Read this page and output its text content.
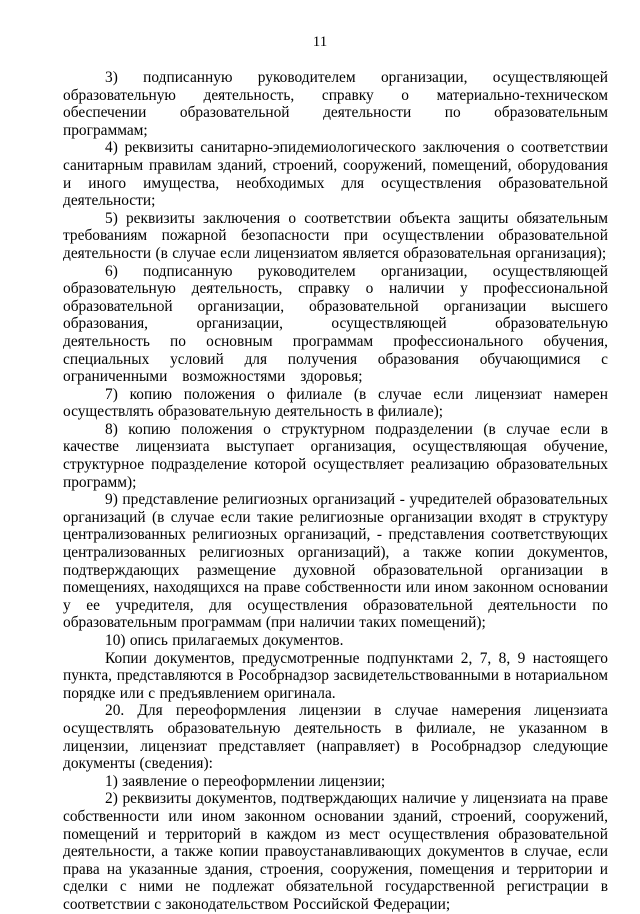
11

3) подписанную руководителем организации, осуществляющей образовательную деятельность, справку о материально-техническом обеспечении образовательной деятельности по образовательным программам;

4) реквизиты санитарно-эпидемиологического заключения о соответствии санитарным правилам зданий, строений, сооружений, помещений, оборудования и иного имущества, необходимых для осуществления образовательной деятельности;

5) реквизиты заключения о соответствии объекта защиты обязательным требованиям пожарной безопасности при осуществлении образовательной деятельности (в случае если лицензиатом является образовательная организация);

6) подписанную руководителем организации, осуществляющей образовательную деятельность, справку о наличии у профессиональной образовательной организации, образовательной организации высшего образования, организации, осуществляющей образовательную деятельность по основным программам профессионального обучения, специальных условий для получения образования обучающимися с ограниченными возможностями здоровья;

7) копию положения о филиале (в случае если лицензиат намерен осуществлять образовательную деятельность в филиале);

8) копию положения о структурном подразделении (в случае если в качестве лицензиата выступает организация, осуществляющая обучение, структурное подразделение которой осуществляет реализацию образовательных программ);

9) представление религиозных организаций - учредителей образовательных организаций (в случае если такие религиозные организации входят в структуру централизованных религиозных организаций, - представления соответствующих централизованных религиозных организаций), а также копии документов, подтверждающих размещение духовной образовательной организации в помещениях, находящихся на праве собственности или ином законном основании у ее учредителя, для осуществления образовательной деятельности по образовательным программам (при наличии таких помещений);

10) опись прилагаемых документов.

Копии документов, предусмотренные подпунктами 2, 7, 8, 9 настоящего пункта, представляются в Рособрнадзор засвидетельствованными в нотариальном порядке или с предъявлением оригинала.

20. Для переоформления лицензии в случае намерения лицензиата осуществлять образовательную деятельность в филиале, не указанном в лицензии, лицензиат представляет (направляет) в Рособрнадзор следующие документы (сведения):

1) заявление о переоформлении лицензии;

2) реквизиты документов, подтверждающих наличие у лицензиата на праве собственности или ином законном основании зданий, строений, сооружений, помещений и территорий в каждом из мест осуществления образовательной деятельности, а также копии правоустанавливающих документов в случае, если права на указанные здания, строения, сооружения, помещения и территории и сделки с ними не подлежат обязательной государственной регистрации в соответствии с законодательством Российской Федерации;
